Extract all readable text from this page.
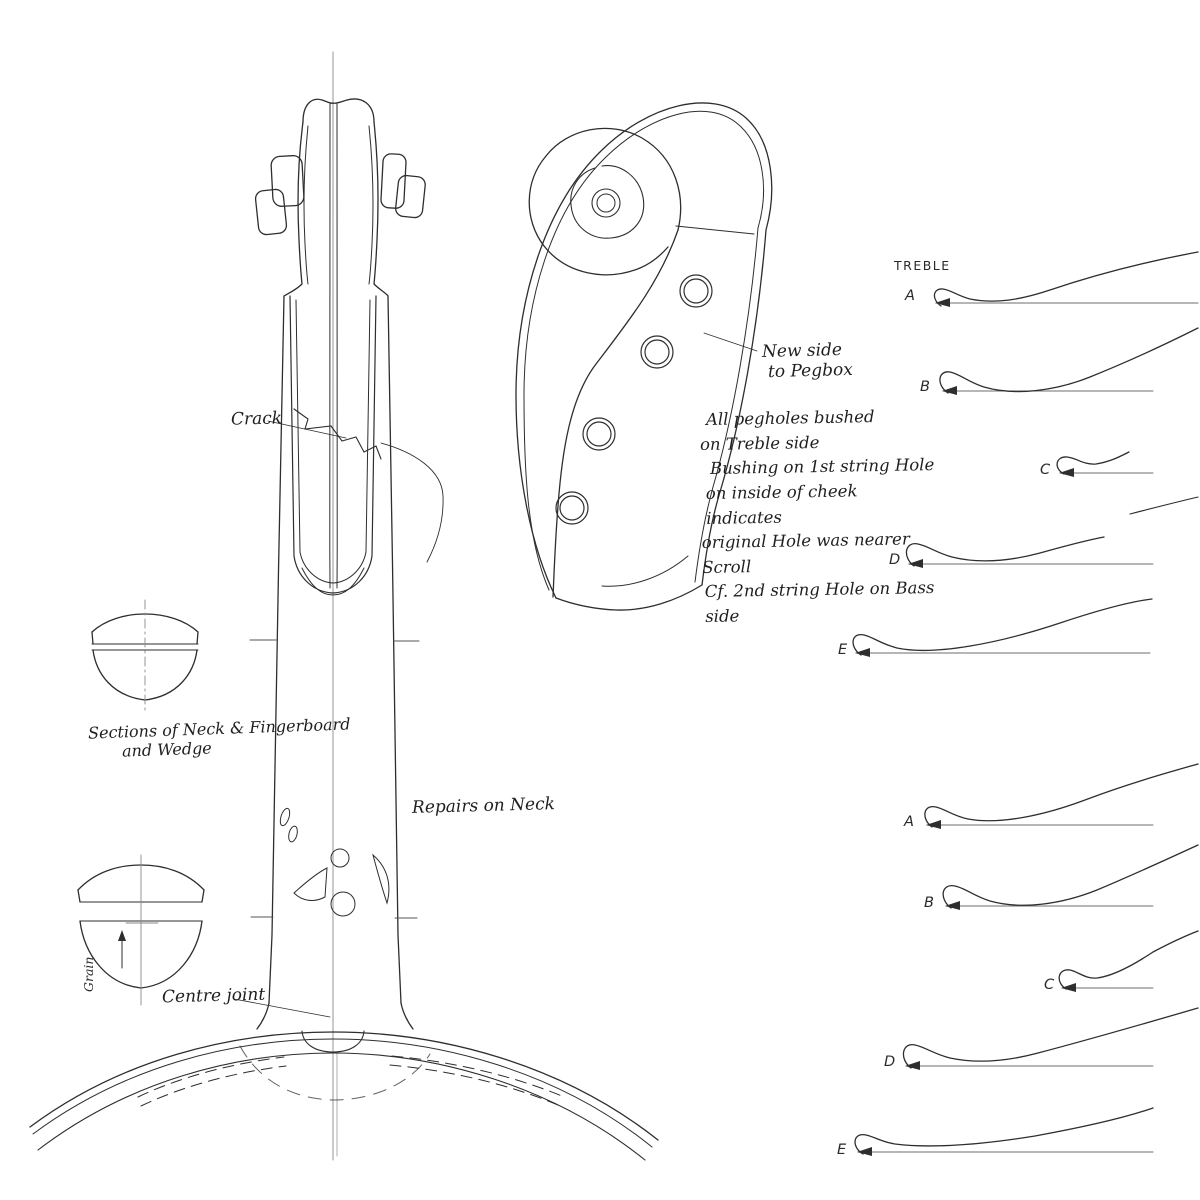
Crack
New side
to Pegbox
All pegholes bushed
on Treble side
Bushing on 1st string Hole
on inside of cheek indicates
original Hole was nearer Scroll
Cf. 2nd string Hole on Bass side
Sections of Neck & Fingerboard
and Wedge
Repairs on Neck
Centre joint
Grain
TREBLE
A
B
C
D
E
A
B
C
D
E
